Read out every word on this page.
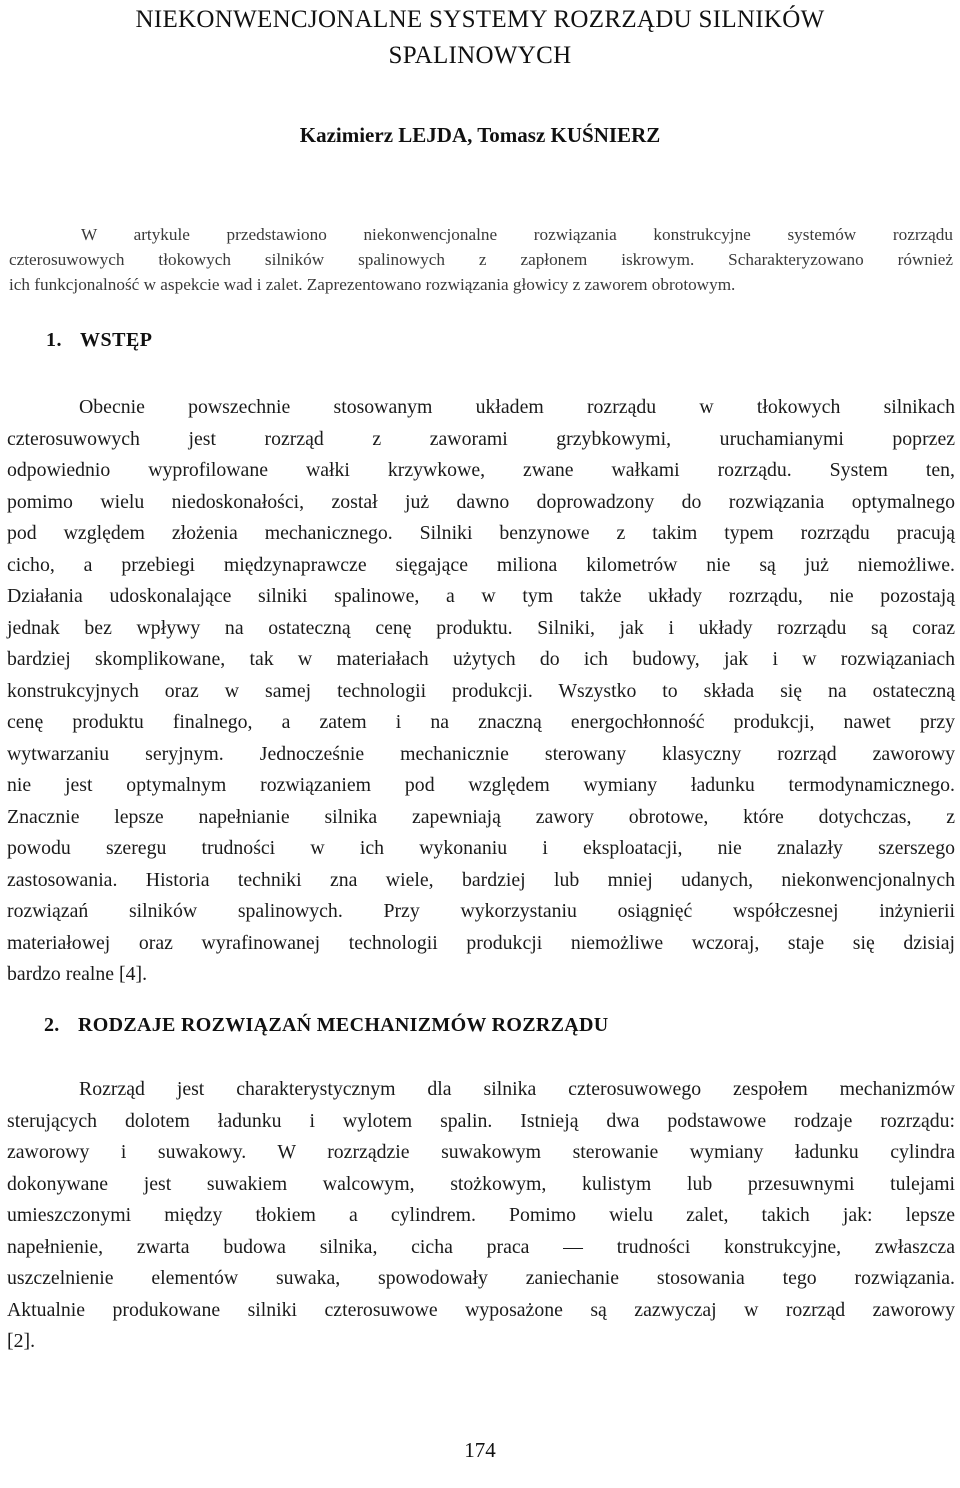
NIEKONWENCJONALNE SYSTEMY ROZRZĄDU SILNIKÓW
SPALINOWYCH

Kazimierz LEJDA, Tomasz KUŚNIERZ

W artykule przedstawiono niekonwencjonalne rozwiązania konstrukcyjne systemów rozrządu
czterosuwowych tłokowych silników spalinowych z zapłonem iskrowym. Scharakteryzowano również
ich funkcjonalność w aspekcie wad i zalet. Zaprezentowano rozwiązania głowicy z zaworem obrotowym.
1. WSTĘP
Obecnie powszechnie stosowanym układem rozrządu w tłokowych silnikach
czterosuwowych jest rozrząd z zaworami grzybkowymi, uruchamianymi poprzez
odpowiednio wyprofilowane wałki krzywkowe, zwane wałkami rozrządu. System ten,
pomimo wielu niedoskonałości, został już dawno doprowadzony do rozwiązania optymalnego
pod względem złożenia mechanicznego. Silniki benzynowe z takim typem rozrządu pracują
cicho, a przebiegi międzynaprawcze sięgające miliona kilometrów nie są już niemożliwe.
Działania udoskonalające silniki spalinowe, a w tym także układy rozrządu, nie pozostają
jednak bez wpływy na ostateczną cenę produktu. Silniki, jak i układy rozrządu są coraz
bardziej skomplikowane, tak w materiałach użytych do ich budowy, jak i w rozwiązaniach
konstrukcyjnych oraz w samej technologii produkcji. Wszystko to składa się na ostateczną
cenę produktu finalnego, a zatem i na znaczną energochłonność produkcji, nawet przy
wytwarzaniu seryjnym. Jednocześnie mechanicznie sterowany klasyczny rozrząd zaworowy
nie jest optymalnym rozwiązaniem pod względem wymiany ładunku termodynamicznego.
Znacznie lepsze napełnianie silnika zapewniają zawory obrotowe, które dotychczas, z
powodu szeregu trudności w ich wykonaniu i eksploatacji, nie znalazły szerszego
zastosowania. Historia techniki zna wiele, bardziej lub mniej udanych, niekonwencjonalnych
rozwiązań silników spalinowych. Przy wykorzystaniu osiągnięć współczesnej inżynierii
materiałowej oraz wyrafinowanej technologii produkcji niemożliwe wczoraj, staje się dzisiaj
bardzo realne [4].
2. RODZAJE ROZWIĄZAŃ MECHANIZMÓW ROZRZĄDU
Rozrząd jest charakterystycznym dla silnika czterosuwowego zespołem mechanizmów
sterujących dolotem ładunku i wylotem spalin. Istnieją dwa podstawowe rodzaje rozrządu:
zaworowy i suwakowy. W rozrządzie suwakowym sterowanie wymiany ładunku cylindra
dokonywane jest suwakiem walcowym, stożkowym, kulistym lub przesuwnymi tulejami
umieszczonymi między tłokiem a cylindrem. Pomimo wielu zalet, takich jak: lepsze
napełnienie, zwarta budowa silnika, cicha praca — trudności konstrukcyjne, zwłaszcza
uszczelnienie elementów suwaka, spowodowały zaniechanie stosowania tego rozwiązania.
Aktualnie produkowane silniki czterosuwowe wyposażone są zazwyczaj w rozrząd zaworowy
[2].

174
